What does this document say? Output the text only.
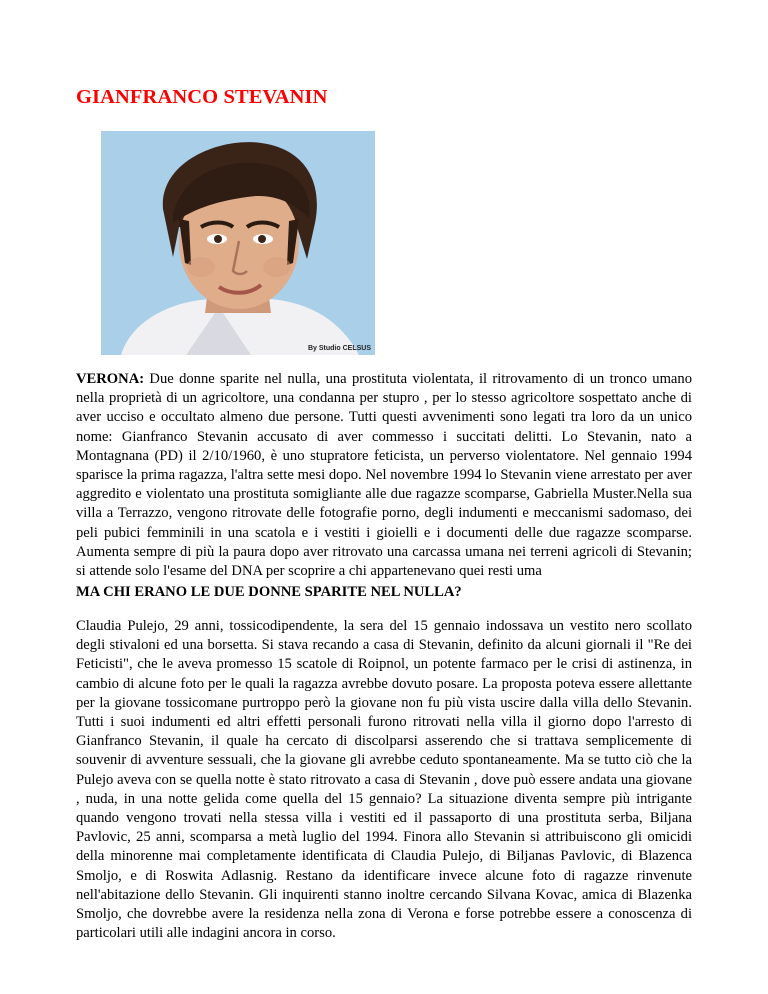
GIANFRANCO STEVANIN
By Studio CELSUS

VERONA: Due donne sparite nel nulla, una prostituta violentata, il ritrovamento di un tronco umano nella proprietà di un agricoltore, una condanna per stupro , per lo stesso agricoltore sospettato anche di aver ucciso e occultato almeno due persone. Tutti questi avvenimenti sono legati tra loro da un unico nome: Gianfranco Stevanin accusato di aver commesso i succitati delitti. Lo Stevanin, nato a Montagnana (PD) il 2/10/1960, è uno stupratore feticista, un perverso violentatore. Nel gennaio 1994 sparisce la prima ragazza, l'altra sette mesi dopo. Nel novembre 1994 lo Stevanin viene arrestato per aver aggredito e violentato una prostituta somigliante alle due ragazze scomparse, Gabriella Muster.Nella sua villa a Terrazzo, vengono ritrovate delle fotografie porno, degli indumenti e meccanismi sadomaso, dei peli pubici femminili in una scatola e i vestiti i gioielli e i documenti delle due ragazze scomparse. Aumenta sempre di più la paura dopo aver ritrovato una carcassa umana nei terreni agricoli di Stevanin; si attende solo l'esame del DNA per scoprire a chi appartenevano quei resti uma

MA CHI ERANO LE DUE DONNE SPARITE NEL NULLA?

Claudia Pulejo, 29 anni, tossicodipendente, la sera del 15 gennaio indossava un vestito nero scollato degli stivaloni ed una borsetta. Si stava recando a casa di Stevanin, definito da alcuni giornali il "Re dei Feticisti", che le aveva promesso 15 scatole di Roipnol, un potente farmaco per le crisi di astinenza, in cambio di alcune foto per le quali la ragazza avrebbe dovuto posare. La proposta poteva essere allettante per la giovane tossicomane purtroppo però la giovane non fu più vista uscire dalla villa dello Stevanin. Tutti i suoi indumenti ed altri effetti personali furono ritrovati nella villa il giorno dopo l'arresto di Gianfranco Stevanin, il quale ha cercato di discolparsi asserendo che si trattava semplicemente di souvenir di avventure sessuali, che la giovane gli avrebbe ceduto spontaneamente. Ma se tutto ciò che la Pulejo aveva con se quella notte è stato ritrovato a casa di Stevanin , dove può essere andata una giovane , nuda, in una notte gelida come quella del 15 gennaio? La situazione diventa sempre più intrigante quando vengono trovati nella stessa villa i vestiti ed il passaporto di una prostituta serba, Biljana Pavlovic, 25 anni, scomparsa a metà luglio del 1994. Finora allo Stevanin si attribuiscono gli omicidi della minorenne mai completamente identificata di Claudia Pulejo, di Biljanas Pavlovic, di Blazenca Smoljo, e di Roswita Adlasnig. Restano da identificare invece alcune foto di ragazze rinvenute nell'abitazione dello Stevanin. Gli inquirenti stanno inoltre cercando Silvana Kovac, amica di Blazenka Smoljo, che dovrebbe avere la residenza nella zona di Verona e forse potrebbe essere a conoscenza di particolari utili alle indagini ancora in corso.
